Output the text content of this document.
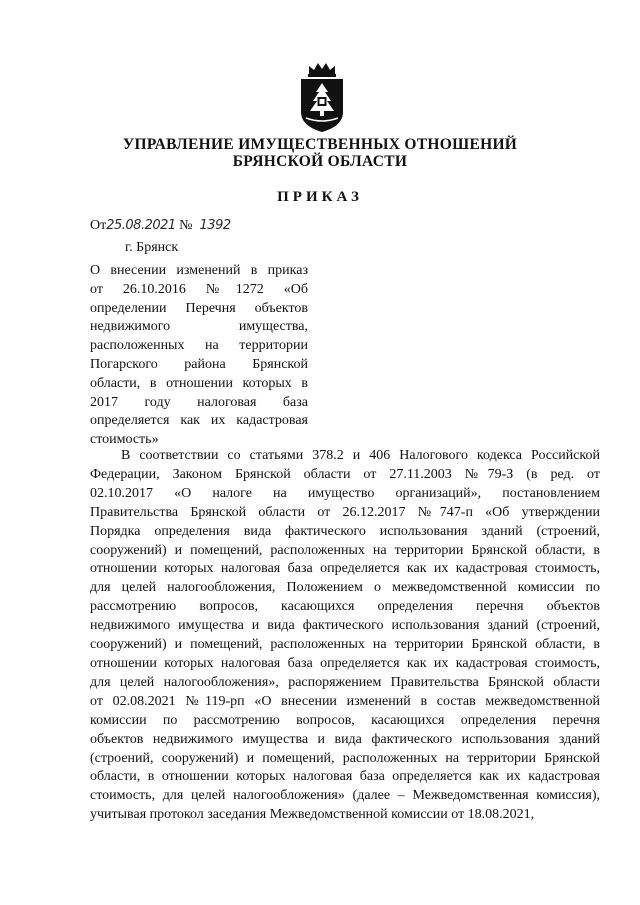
УПРАВЛЕНИЕ ИМУЩЕСТВЕННЫХ ОТНОШЕНИЙ
БРЯНСКОЙ ОБЛАСТИ
ПРИКАЗ
От25.08.2021 № 1392
г. Брянск
О внесении изменений в приказ
от 26.10.2016 №1272 «Об
определении Перечня объектов
недвижимого имущества,
расположенных на территории
Погарского района Брянской
области, в отношении которых в
2017 году налоговая база
определяется как их кадастровая
стоимость»
В соответствии со статьями 378.2 и 406 Налогового кодекса Российской
Федерации, Законом Брянской области от 27.11.2003 №79-З (в ред. от
02.10.2017 «О налоге на имущество организаций», постановлением
Правительства Брянской области от 26.12.2017 №747-п «Об утверждении
Порядка определения вида фактического использования зданий (строений,
сооружений) и помещений, расположенных на территории Брянской области, в
отношении которых налоговая база определяется как их кадастровая стоимость,
для целей налогообложения, Положением о межведомственной комиссии по
рассмотрению вопросов, касающихся определения перечня объектов
недвижимого имущества и вида фактического использования зданий (строений,
сооружений) и помещений, расположенных на территории Брянской области, в
отношении которых налоговая база определяется как их кадастровая стоимость,
для целей налогообложения», распоряжением Правительства Брянской области
от 02.08.2021 №119-рп «О внесении изменений в состав межведомственной
комиссии по рассмотрению вопросов, касающихся определения перечня
объектов недвижимого имущества и вида фактического использования зданий
(строений, сооружений) и помещений, расположенных на территории Брянской
области, в отношении которых налоговая база определяется как их кадастровая
стоимость, для целей налогообложения» (далее – Межведомственная комиссия),
учитывая протокол заседания Межведомственной комиссии от 18.08.2021,
